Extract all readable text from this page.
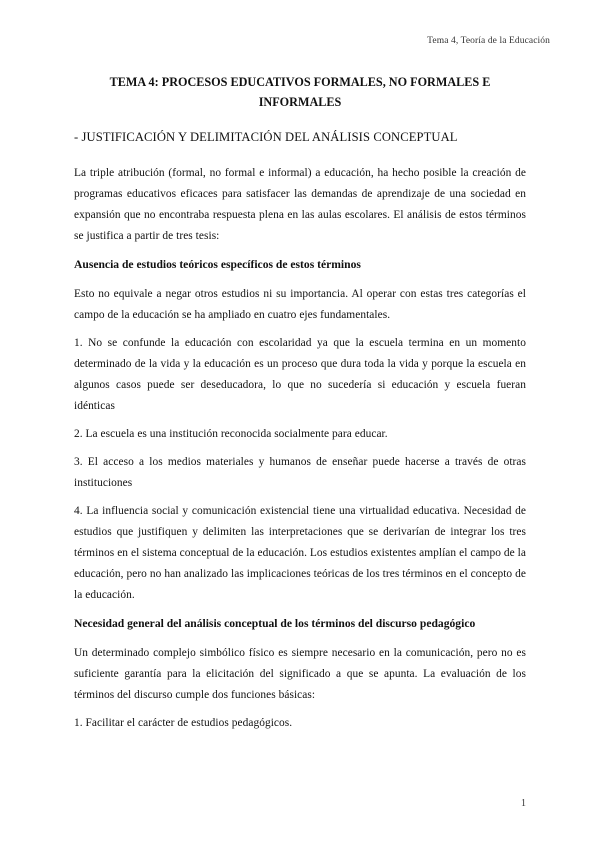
Tema 4, Teoría de la Educación
TEMA 4: PROCESOS EDUCATIVOS FORMALES, NO FORMALES E INFORMALES
- JUSTIFICACIÓN Y DELIMITACIÓN DEL ANÁLISIS CONCEPTUAL

La triple atribución (formal, no formal e informal) a educación, ha hecho posible la creación de programas educativos eficaces para satisfacer las demandas de aprendizaje de una sociedad en expansión que no encontraba respuesta plena en las aulas escolares. El análisis de estos términos se justifica a partir de tres tesis:

Ausencia de estudios teóricos específicos de estos términos

Esto no equivale a negar otros estudios ni su importancia. Al operar con estas tres categorías el campo de la educación se ha ampliado en cuatro ejes fundamentales.

1. No se confunde la educación con escolaridad ya que la escuela termina en un momento determinado de la vida y la educación es un proceso que dura toda la vida y porque la escuela en algunos casos puede ser deseducadora, lo que no sucedería si educación y escuela fueran idénticas

2. La escuela es una institución reconocida socialmente para educar.

3. El acceso a los medios materiales y humanos de enseñar puede hacerse a través de otras instituciones

4. La influencia social y comunicación existencial tiene una virtualidad educativa. Necesidad de estudios que justifiquen y delimiten las interpretaciones que se derivarían de integrar los tres términos en el sistema conceptual de la educación. Los estudios existentes amplían el campo de la educación, pero no han analizado las implicaciones teóricas de los tres términos en el concepto de la educación.

Necesidad general del análisis conceptual de los términos del discurso pedagógico

Un determinado complejo simbólico físico es siempre necesario en la comunicación, pero no es suficiente garantía para la elicitación del significado a que se apunta. La evaluación de los términos del discurso cumple dos funciones básicas:

1. Facilitar el carácter de estudios pedagógicos.

1
